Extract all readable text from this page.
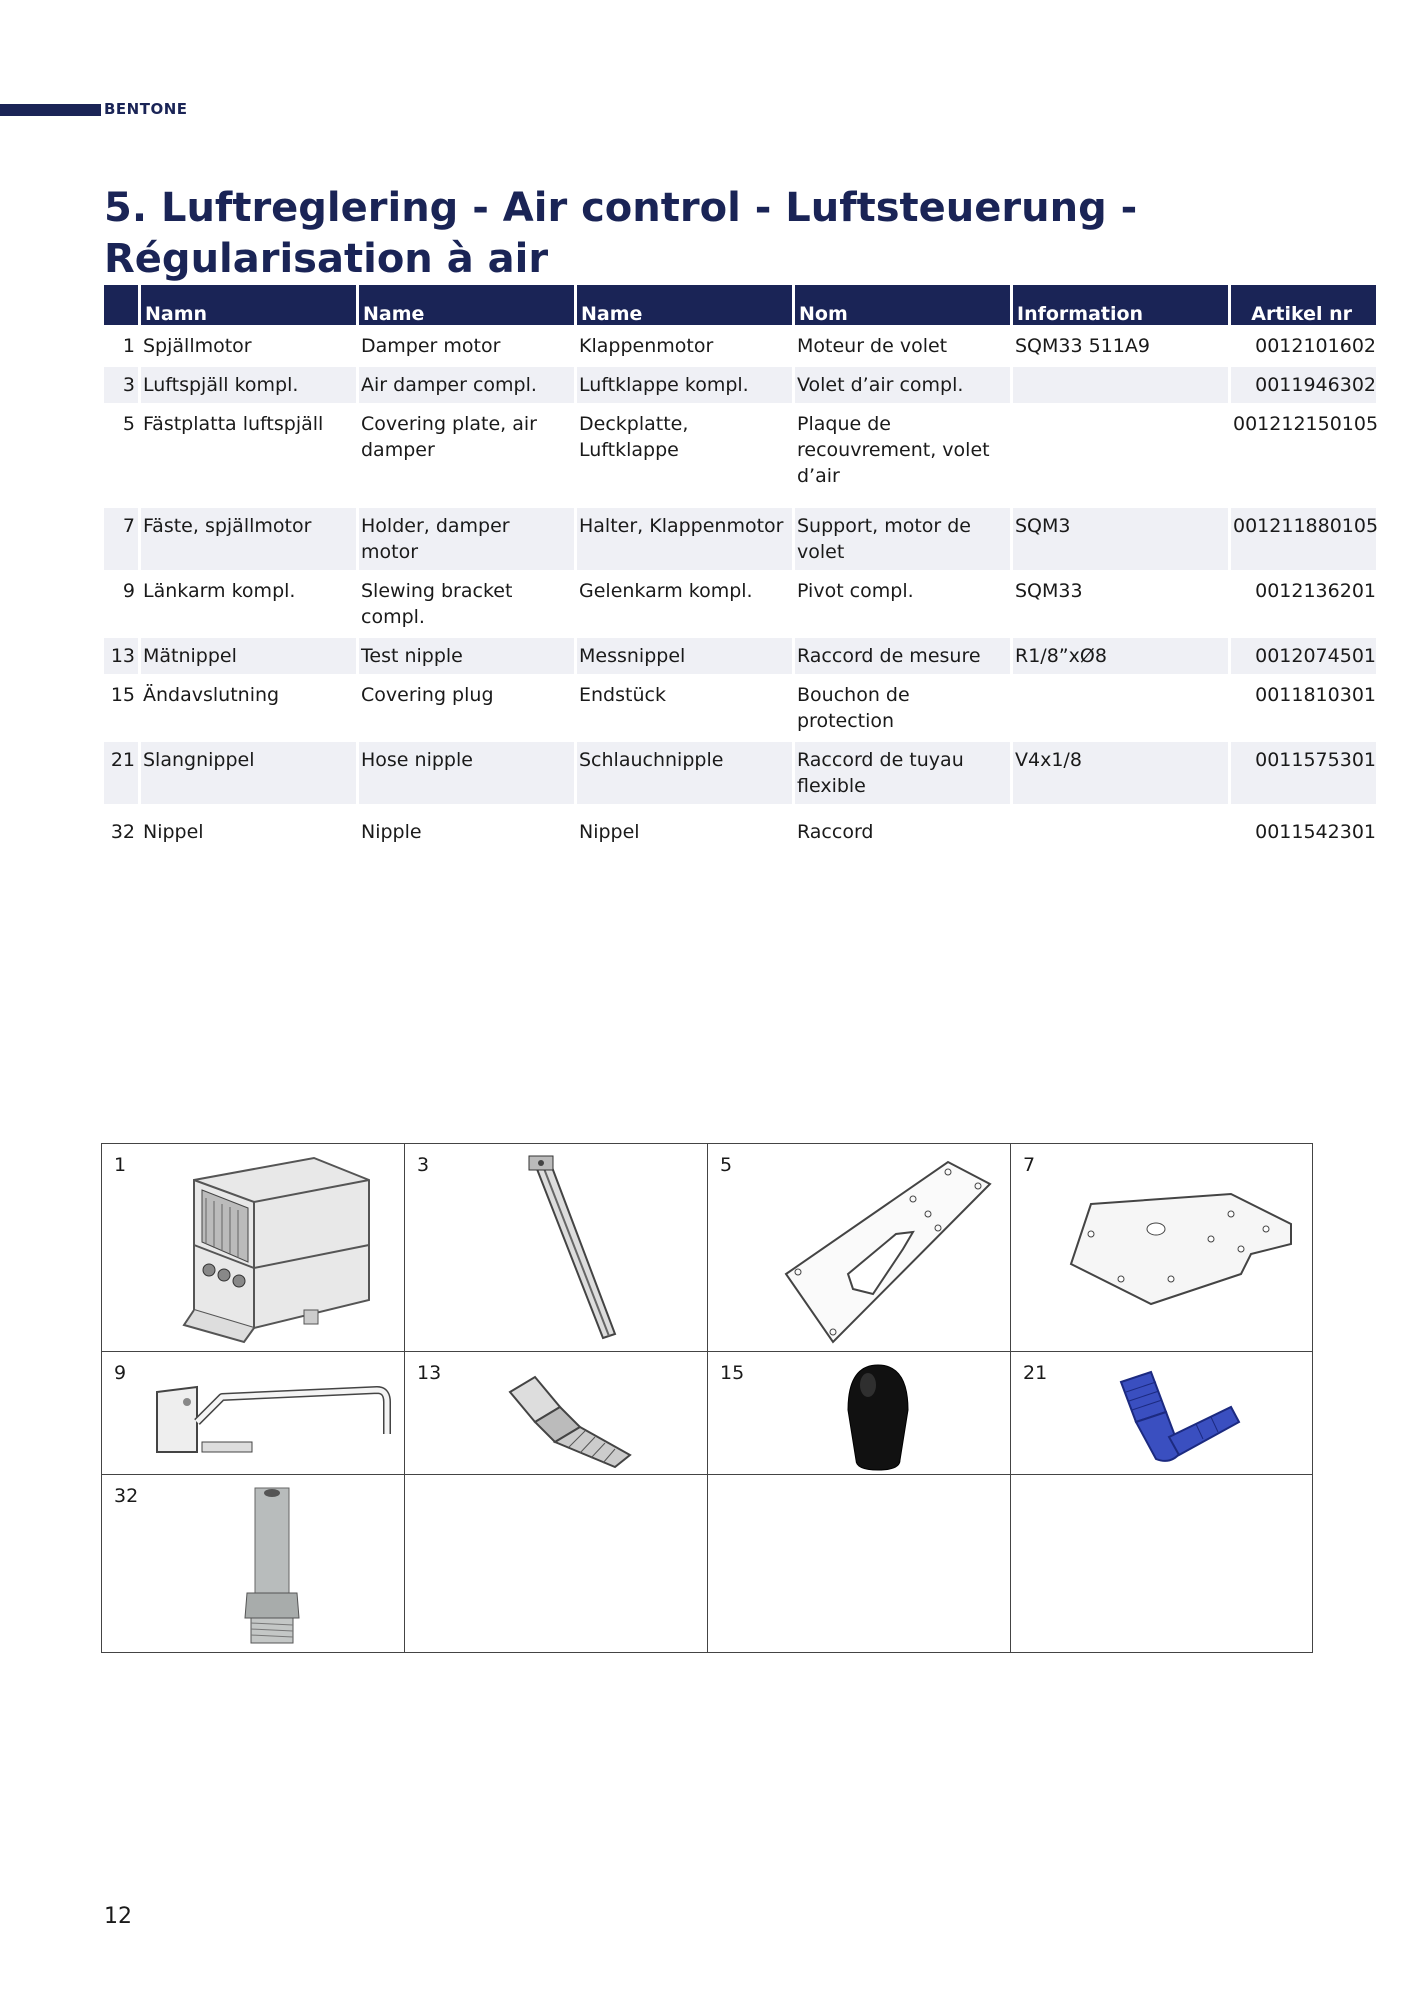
BENTONE
5. Luftreglering - Air control - Luftsteuerung - Régularisation à air
	Namn	Name	Name	Nom	Information	Artikel nr
1	Spjällmotor	Damper motor	Klappenmotor	Moteur de volet	SQM33 511A9	0012101602
3	Luftspjäll kompl.	Air damper compl.	Luftklappe kompl.	Volet d’air compl.		0011946302
5	Fästplatta luftspjäll	Covering plate, air damper	Deckplatte, Luftklappe	Plaque de recouvrement, volet d’air		001212150105
7	Fäste, spjällmotor	Holder, damper motor	Halter, Klappenmotor	Support, motor de volet	SQM3	001211880105
9	Länkarm kompl.	Slewing bracket compl.	Gelenkarm kompl.	Pivot compl.	SQM33	0012136201
13	Mätnippel	Test nipple	Messnippel	Raccord de mesure	R1/8”xØ8	0012074501
15	Ändavslutning	Covering plug	Endstück	Bouchon de protection		0011810301
21	Slangnippel	Hose nipple	Schlauchnipple	Raccord de tuyau flexible	V4x1/8	0011575301
32	Nippel	Nipple	Nippel	Raccord		0011542301
1	3	5	7
9	13	15	21
32
12
